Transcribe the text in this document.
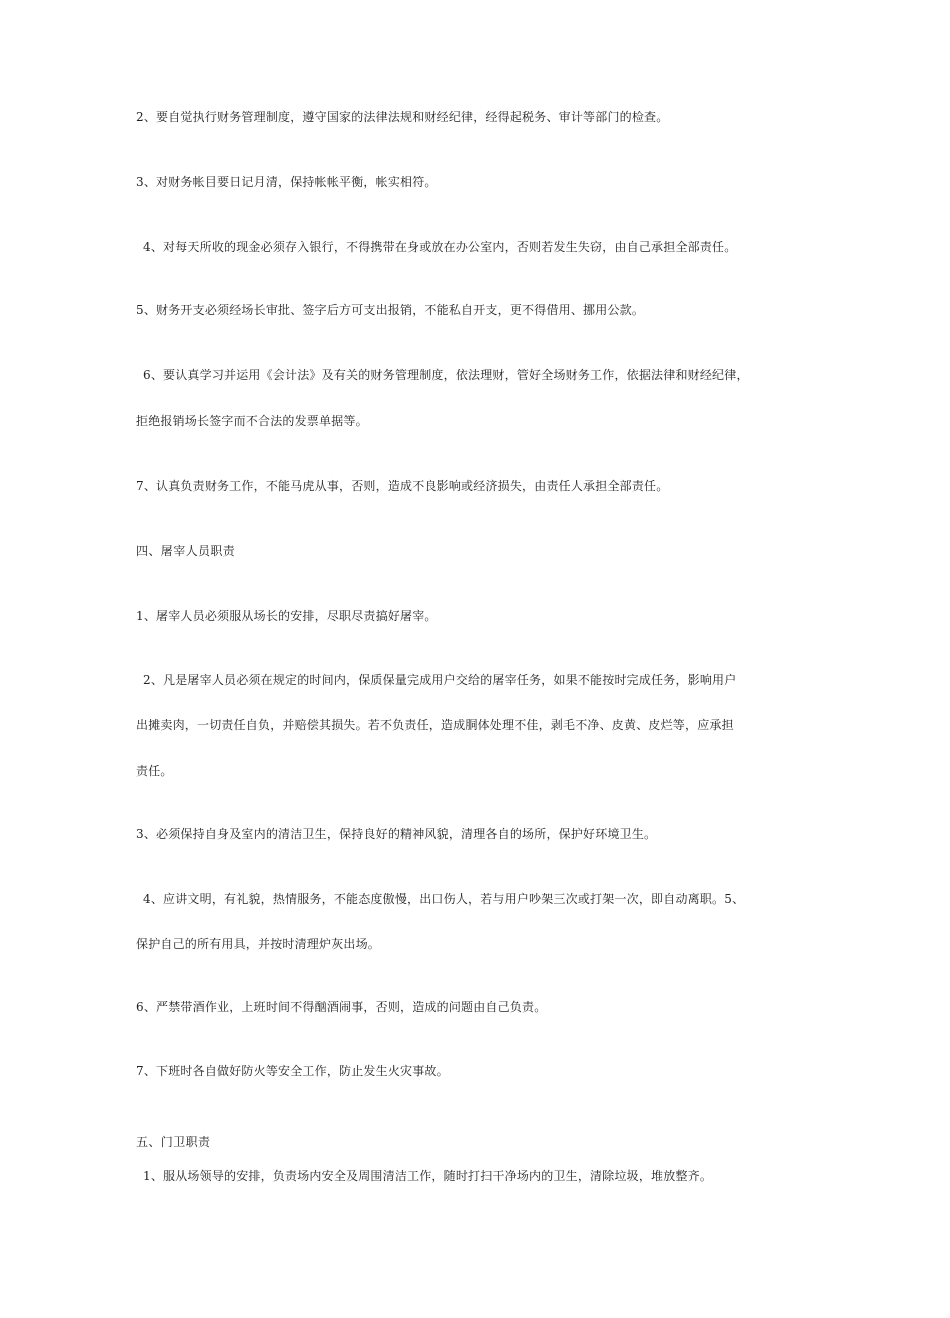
2、要自觉执行财务管理制度，遵守国家的法律法规和财经纪律，经得起税务、审计等部门的检查。
3、对财务帐目要日记月清，保持帐帐平衡，帐实相符。
4、对每天所收的现金必须存入银行，不得携带在身或放在办公室内，否则若发生失窃，由自己承担全部责任。
5、财务开支必须经场长审批、签字后方可支出报销，不能私自开支，更不得借用、挪用公款。
6、要认真学习并运用《会计法》及有关的财务管理制度，依法理财，管好全场财务工作，依据法律和财经纪律，
拒绝报销场长签字而不合法的发票单据等。
7、认真负责财务工作，不能马虎从事，否则，造成不良影响或经济损失，由责任人承担全部责任。
四、屠宰人员职责
1、屠宰人员必须服从场长的安排，尽职尽责搞好屠宰。
2、凡是屠宰人员必须在规定的时间内，保质保量完成用户交给的屠宰任务，如果不能按时完成任务，影响用户
出摊卖肉，一切责任自负，并赔偿其损失。若不负责任，造成胴体处理不佳，剥毛不净、皮黄、皮烂等，应承担
责任。
3、必须保持自身及室内的清洁卫生，保持良好的精神风貌，清理各自的场所，保护好环境卫生。
4、应讲文明，有礼貌，热情服务，不能态度傲慢，出口伤人，若与用户吵架三次或打架一次，即自动离职。5、
保护自己的所有用具，并按时清理炉灰出场。
6、严禁带酒作业，上班时间不得酗酒闹事，否则，造成的问题由自己负责。
7、下班时各自做好防火等安全工作，防止发生火灾事故。
五、门卫职责
1、服从场领导的安排，负责场内安全及周围清洁工作，随时打扫干净场内的卫生，清除垃圾，堆放整齐。
